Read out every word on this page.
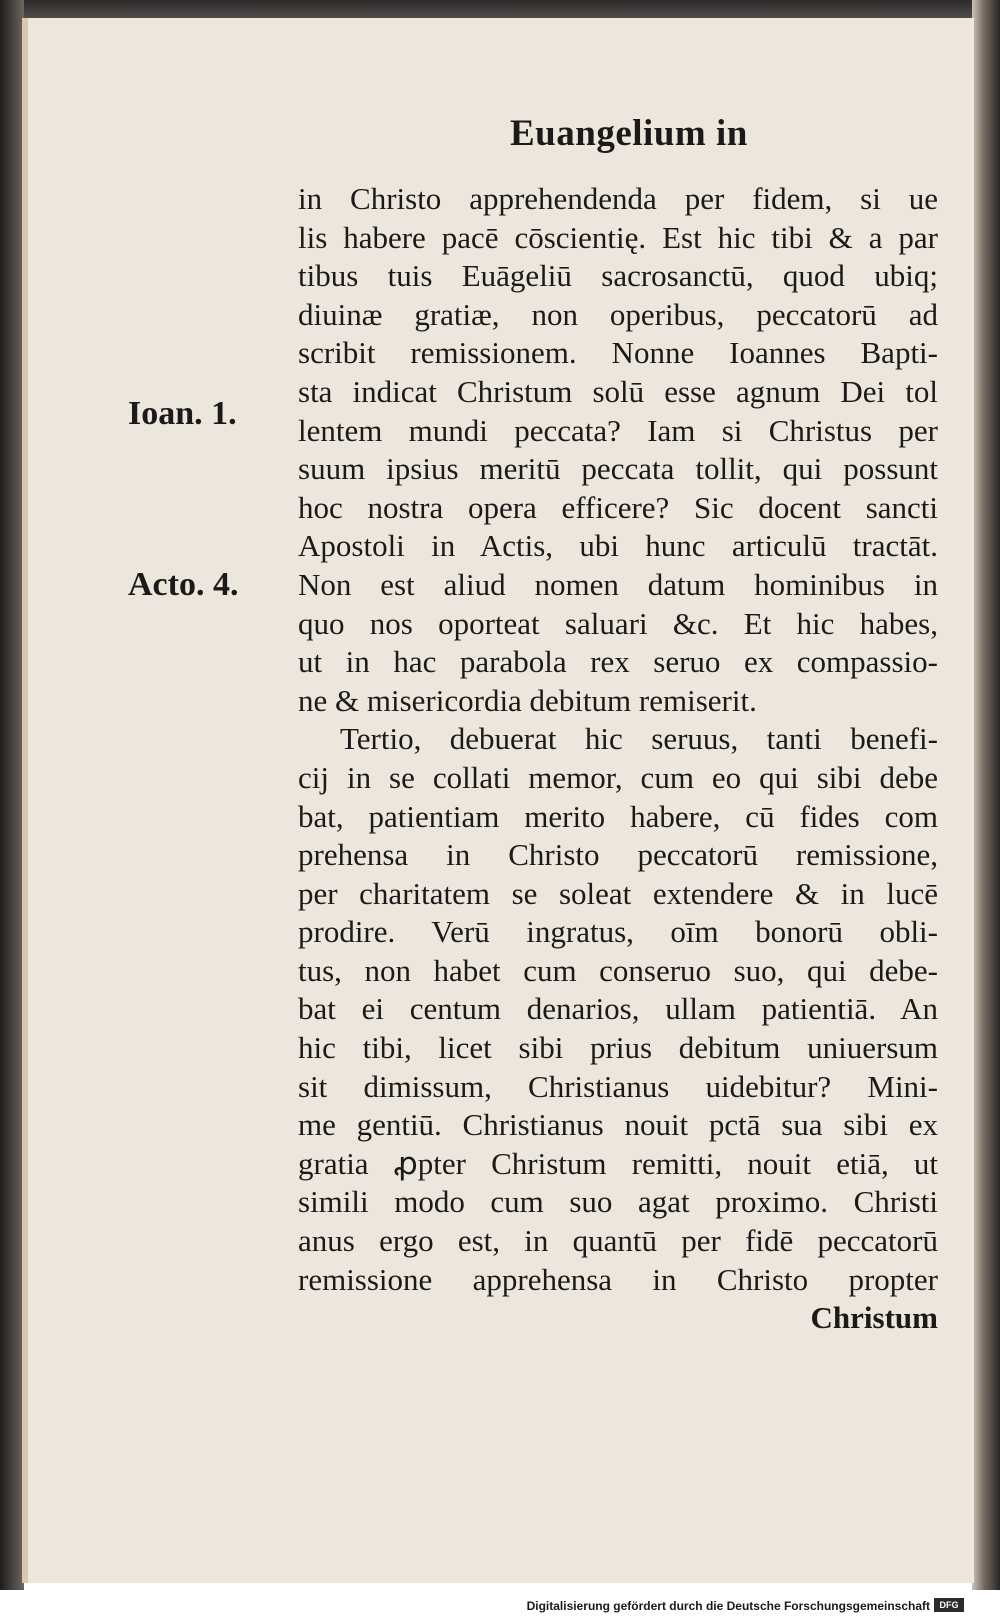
Euangelium in
Ioan. 1.
Acto. 4.
in Christo apprehendenda per fidem, si ue
lis habere pacē cōscientię. Est hic tibi & a par
tibus tuis Euāgeliū sacrosanctū, quod ubiq;
diuinæ gratiæ, non operibus, peccatorū ad
scribit remissionem. Nonne Ioannes Bapti-
sta indicat Christum solū esse agnum Dei tol
lentem mundi peccata? Iam si Christus per
suum ipsius meritū peccata tollit, qui possunt
hoc nostra opera efficere? Sic docent sancti
Apostoli in Actis, ubi hunc articulū tractāt.
Non est aliud nomen datum hominibus in
quo nos oporteat saluari &c. Et hic habes,
ut in hac parabola rex seruo ex compassio-
ne & misericordia debitum remiserit.
Tertio, debuerat hic seruus, tanti benefi-
cij in se collati memor, cum eo qui sibi debe
bat, patientiam merito habere, cū fides com
prehensa in Christo peccatorū remissione,
per charitatem se soleat extendere & in lucē
prodire. Verū ingratus, oīm bonorū obli-
tus, non habet cum conseruo suo, qui debe-
bat ei centum denarios, ullam patientiā. An
hic tibi, licet sibi prius debitum uniuersum
sit dimissum, Christianus uidebitur? Mini-
me gentiū. Christianus nouit pctā sua sibi ex
gratia ꝓpter Christum remitti, nouit etiā, ut
simili modo cum suo agat proximo. Christi
anus ergo est, in quantū per fidē peccatorū
remissione apprehensa in Christo propter
Christum
Digitalisierung gefördert durch die Deutsche Forschungsgemeinschaft	DFG
